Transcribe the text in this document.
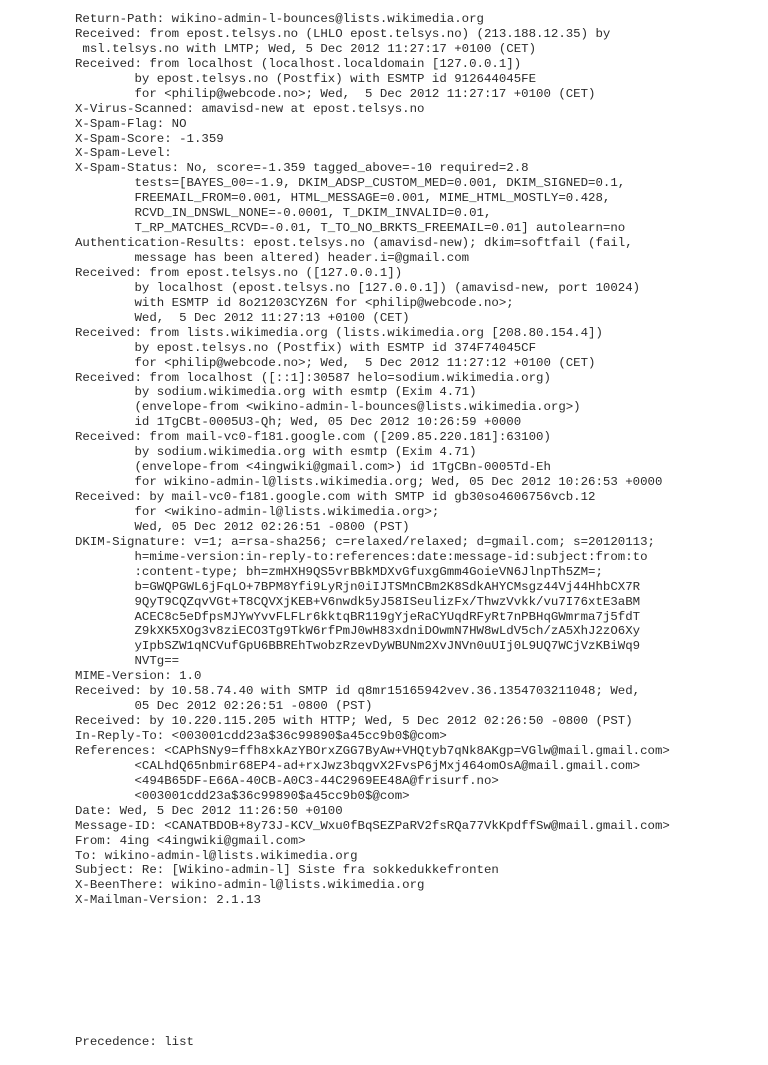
Return-Path: wikino-admin-l-bounces@lists.wikimedia.org
Received: from epost.telsys.no (LHLO epost.telsys.no) (213.188.12.35) by
msl.telsys.no with LMTP; Wed, 5 Dec 2012 11:27:17 +0100 (CET)
Received: from localhost (localhost.localdomain [127.0.0.1])
by epost.telsys.no (Postfix) with ESMTP id 912644045FE
for <philip@webcode.no>; Wed,  5 Dec 2012 11:27:17 +0100 (CET)
X-Virus-Scanned: amavisd-new at epost.telsys.no
X-Spam-Flag: NO
X-Spam-Score: -1.359
X-Spam-Level:
X-Spam-Status: No, score=-1.359 tagged_above=-10 required=2.8
tests=[BAYES_00=-1.9, DKIM_ADSP_CUSTOM_MED=0.001, DKIM_SIGNED=0.1,
FREEMAIL_FROM=0.001, HTML_MESSAGE=0.001, MIME_HTML_MOSTLY=0.428,
RCVD_IN_DNSWL_NONE=-0.0001, T_DKIM_INVALID=0.01,
T_RP_MATCHES_RCVD=-0.01, T_TO_NO_BRKTS_FREEMAIL=0.01] autolearn=no
Authentication-Results: epost.telsys.no (amavisd-new); dkim=softfail (fail,
message has been altered) header.i=@gmail.com
Received: from epost.telsys.no ([127.0.0.1])
by localhost (epost.telsys.no [127.0.0.1]) (amavisd-new, port 10024)
with ESMTP id 8o21203CYZ6N for <philip@webcode.no>;
Wed,  5 Dec 2012 11:27:13 +0100 (CET)
Received: from lists.wikimedia.org (lists.wikimedia.org [208.80.154.4])
by epost.telsys.no (Postfix) with ESMTP id 374F74045CF
for <philip@webcode.no>; Wed,  5 Dec 2012 11:27:12 +0100 (CET)
Received: from localhost ([::1]:30587 helo=sodium.wikimedia.org)
by sodium.wikimedia.org with esmtp (Exim 4.71)
(envelope-from <wikino-admin-l-bounces@lists.wikimedia.org>)
id 1TgCBt-0005U3-Qh; Wed, 05 Dec 2012 10:26:59 +0000
Received: from mail-vc0-f181.google.com ([209.85.220.181]:63100)
by sodium.wikimedia.org with esmtp (Exim 4.71)
(envelope-from <4ingwiki@gmail.com>) id 1TgCBn-0005Td-Eh
for wikino-admin-l@lists.wikimedia.org; Wed, 05 Dec 2012 10:26:53 +0000
Received: by mail-vc0-f181.google.com with SMTP id gb30so4606756vcb.12
for <wikino-admin-l@lists.wikimedia.org>;
Wed, 05 Dec 2012 02:26:51 -0800 (PST)
DKIM-Signature: v=1; a=rsa-sha256; c=relaxed/relaxed; d=gmail.com; s=20120113;
h=mime-version:in-reply-to:references:date:message-id:subject:from:to
:content-type; bh=zmHXH9QS5vrBBkMDXvGfuxgGmm4GoieVN6JlnpTh5ZM=;
b=GWQPGWL6jFqLO+7BPM8Yfi9LyRjn0iIJTSMnCBm2K8SdkAHYCMsgz44Vj44HhbCX7R
9QyT9CQZqvVGt+T8CQVXjKEB+V6nwdk5yJ58ISeulizFx/ThwzVvkk/vu7I76xtE3aBM
ACEC8c5eDfpsMJYwYvvFLFLr6kktqBR119gYjeRaCYUqdRFyRt7nPBHqGWmrma7j5fdT
Z9kXK5XOg3v8ziECO3Tg9TkW6rfPmJ0wH83xdniDOwmN7HW8wLdV5ch/zA5XhJ2zO6Xy
yIpbSZW1qNCVufGpU6BBREhTwobzRzevDyWBUNm2XvJNVn0uUIj0L9UQ7WCjVzKBiWq9
NVTg==
MIME-Version: 1.0
Received: by 10.58.74.40 with SMTP id q8mr15165942vev.36.1354703211048; Wed,
05 Dec 2012 02:26:51 -0800 (PST)
Received: by 10.220.115.205 with HTTP; Wed, 5 Dec 2012 02:26:50 -0800 (PST)
In-Reply-To: <003001cdd23a$36c99890$a45cc9b0$@com>
References: <CAPhSNy9=ffh8xkAzYBOrxZGG7ByAw+VHQtyb7qNk8AKgp=VGlw@mail.gmail.com>
<CALhdQ65nbmir68EP4-ad+rxJwz3bqgvX2FvsP6jMxj464omOsA@mail.gmail.com>
<494B65DF-E66A-40CB-A0C3-44C2969EE48A@frisurf.no>
<003001cdd23a$36c99890$a45cc9b0$@com>
Date: Wed, 5 Dec 2012 11:26:50 +0100
Message-ID: <CANATBDOB+8y73J-KCV_Wxu0fBqSEZPaRV2fsRQa77VkKpdffSw@mail.gmail.com>
From: 4ing <4ingwiki@gmail.com>
To: wikino-admin-l@lists.wikimedia.org
Subject: Re: [Wikino-admin-l] Siste fra sokkedukkefronten
X-BeenThere: wikino-admin-l@lists.wikimedia.org
X-Mailman-Version: 2.1.13

Precedence: list
